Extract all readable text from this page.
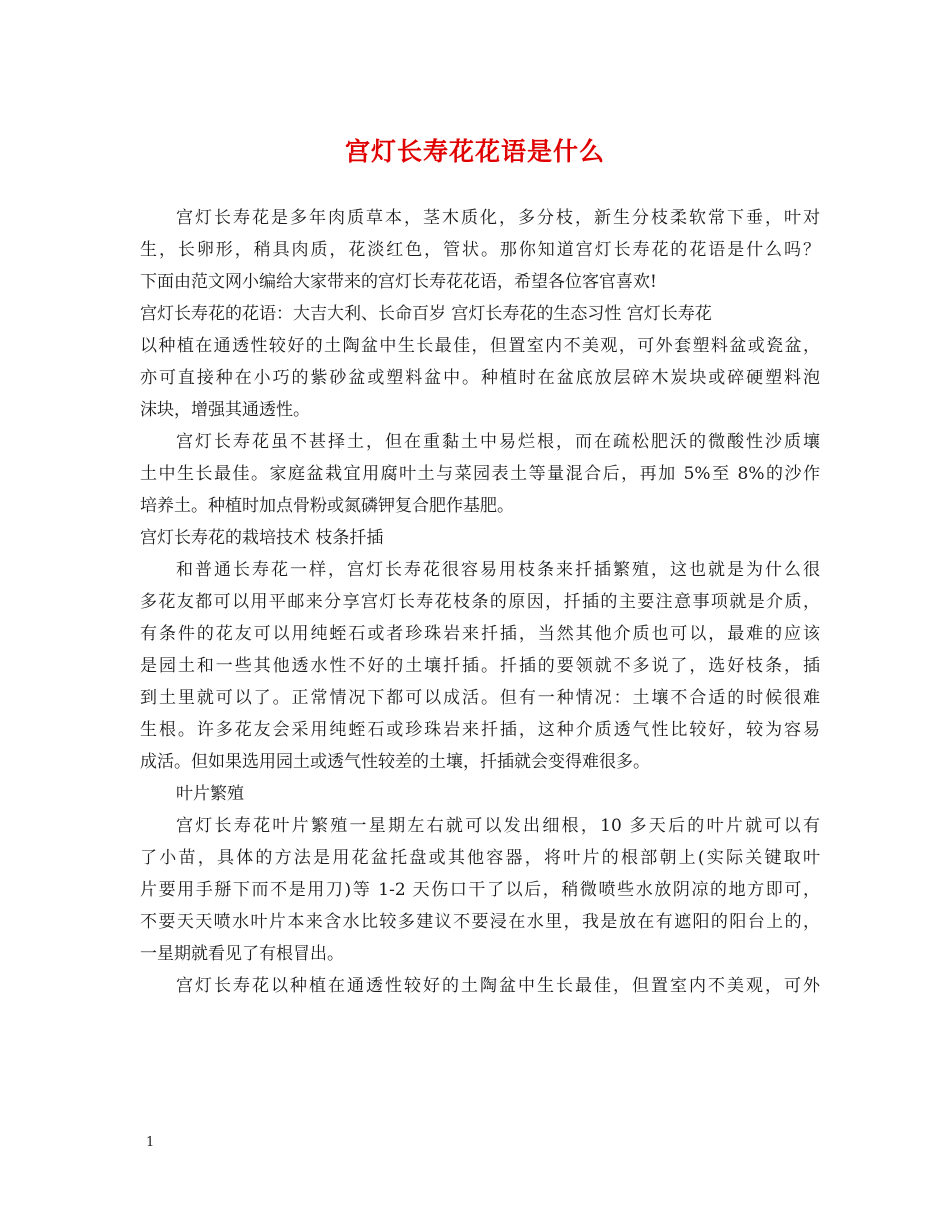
宫灯长寿花花语是什么
宫灯长寿花是多年肉质草本，茎木质化，多分枝，新生分枝柔软常下垂，叶对
生，长卵形，稍具肉质，花淡红色，管状。那你知道宫灯长寿花的花语是什么吗？
下面由范文网小编给大家带来的宫灯长寿花花语，希望各位客官喜欢!
宫灯长寿花的花语：大吉大利、长命百岁 宫灯长寿花的生态习性 宫灯长寿花
以种植在通透性较好的土陶盆中生长最佳，但置室内不美观，可外套塑料盆或瓷盆，
亦可直接种在小巧的紫砂盆或塑料盆中。种植时在盆底放层碎木炭块或碎硬塑料泡
沫块，增强其通透性。
宫灯长寿花虽不甚择土，但在重黏土中易烂根，而在疏松肥沃的微酸性沙质壤
土中生长最佳。家庭盆栽宜用腐叶土与菜园表土等量混合后，再加 5%至 8%的沙作
培养土。种植时加点骨粉或氮磷钾复合肥作基肥。
宫灯长寿花的栽培技术 枝条扦插
和普通长寿花一样，宫灯长寿花很容易用枝条来扦插繁殖，这也就是为什么很
多花友都可以用平邮来分享宫灯长寿花枝条的原因，扦插的主要注意事项就是介质，
有条件的花友可以用纯蛭石或者珍珠岩来扦插，当然其他介质也可以，最难的应该
是园土和一些其他透水性不好的土壤扦插。扦插的要领就不多说了，选好枝条，插
到土里就可以了。正常情况下都可以成活。但有一种情况：土壤不合适的时候很难
生根。许多花友会采用纯蛭石或珍珠岩来扦插，这种介质透气性比较好，较为容易
成活。但如果选用园土或透气性较差的土壤，扦插就会变得难很多。
叶片繁殖
宫灯长寿花叶片繁殖一星期左右就可以发出细根，10 多天后的叶片就可以有
了小苗，具体的方法是用花盆托盘或其他容器，将叶片的根部朝上(实际关键取叶
片要用手掰下而不是用刀)等 1-2 天伤口干了以后，稍微喷些水放阴凉的地方即可，
不要天天喷水叶片本来含水比较多建议不要浸在水里，我是放在有遮阳的阳台上的，
一星期就看见了有根冒出。
宫灯长寿花以种植在通透性较好的土陶盆中生长最佳，但置室内不美观，可外
1
